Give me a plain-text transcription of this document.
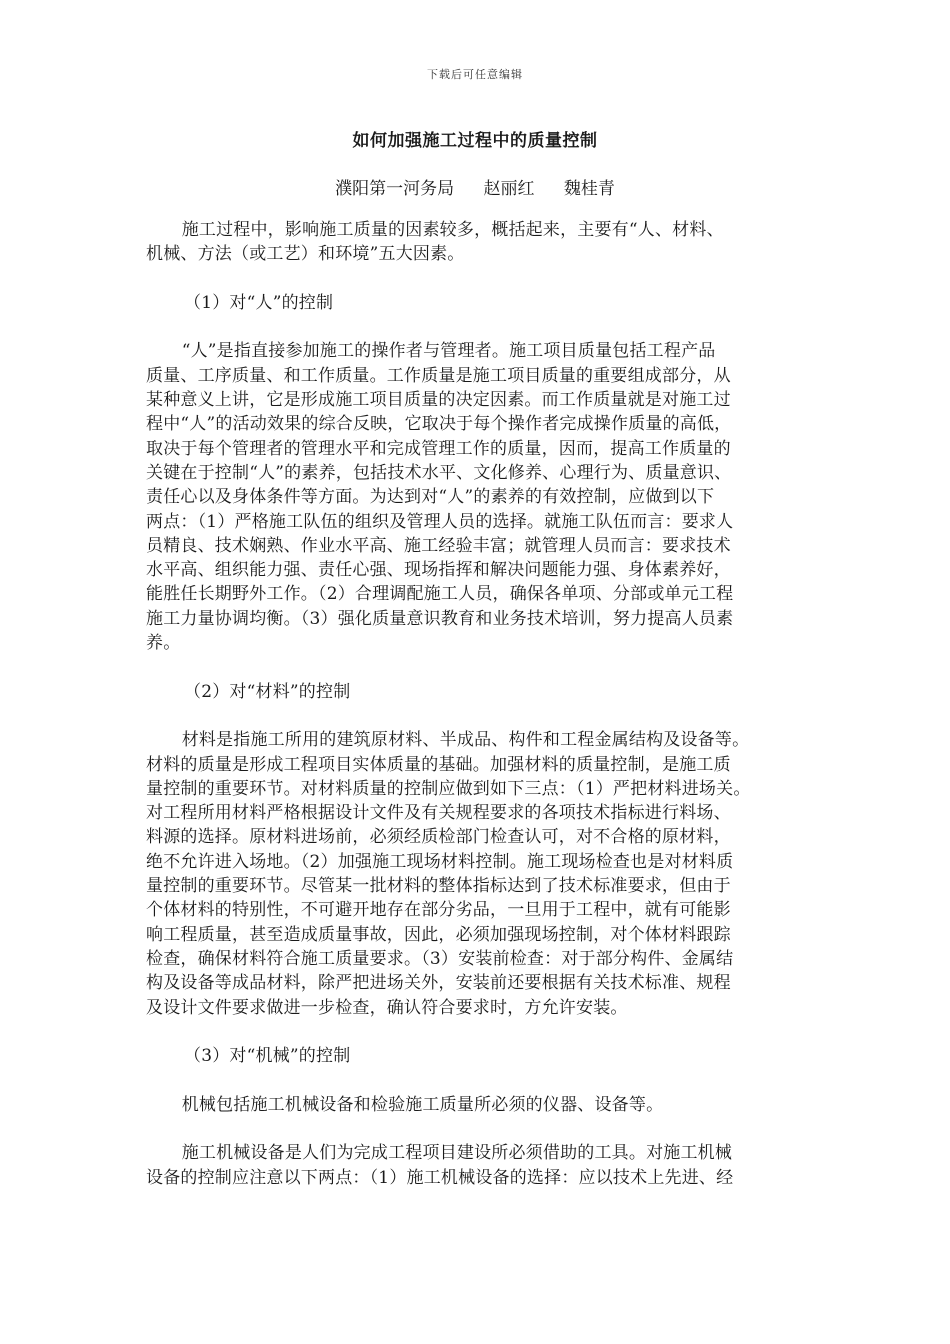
下载后可任意编辑
如何加强施工过程中的质量控制
濮阳第一河务局 赵丽红 魏桂青

施工过程中，影响施工质量的因素较多，概括起来，主要有“人、材料、
机械、方法（或工艺）和环境”五大因素。

（1）对“人”的控制

“人”是指直接参加施工的操作者与管理者。施工项目质量包括工程产品
质量、工序质量、和工作质量。工作质量是施工项目质量的重要组成部分，从
某种意义上讲，它是形成施工项目质量的决定因素。而工作质量就是对施工过
程中“人”的活动效果的综合反映，它取决于每个操作者完成操作质量的高低，
取决于每个管理者的管理水平和完成管理工作的质量，因而，提高工作质量的
关键在于控制“人”的素养，包括技术水平、文化修养、心理行为、质量意识、
责任心以及身体条件等方面。为达到对“人”的素养的有效控制，应做到以下
两点：（1）严格施工队伍的组织及管理人员的选择。就施工队伍而言：要求人
员精良、技术娴熟、作业水平高、施工经验丰富；就管理人员而言：要求技术
水平高、组织能力强、责任心强、现场指挥和解决问题能力强、身体素养好，
能胜任长期野外工作。（2）合理调配施工人员，确保各单项、分部或单元工程
施工力量协调均衡。（3）强化质量意识教育和业务技术培训，努力提高人员素
养。

（2）对“材料”的控制

材料是指施工所用的建筑原材料、半成品、构件和工程金属结构及设备等。
材料的质量是形成工程项目实体质量的基础。加强材料的质量控制，是施工质
量控制的重要环节。对材料质量的控制应做到如下三点：（1）严把材料进场关。
对工程所用材料严格根据设计文件及有关规程要求的各项技术指标进行料场、
料源的选择。原材料进场前，必须经质检部门检查认可，对不合格的原材料，
绝不允许进入场地。（2）加强施工现场材料控制。施工现场检查也是对材料质
量控制的重要环节。尽管某一批材料的整体指标达到了技术标准要求，但由于
个体材料的特别性，不可避开地存在部分劣品，一旦用于工程中，就有可能影
响工程质量，甚至造成质量事故，因此，必须加强现场控制，对个体材料跟踪
检查，确保材料符合施工质量要求。（3）安装前检查：对于部分构件、金属结
构及设备等成品材料，除严把进场关外，安装前还要根据有关技术标准、规程
及设计文件要求做进一步检查，确认符合要求时，方允许安装。

（3）对“机械”的控制

机械包括施工机械设备和检验施工质量所必须的仪器、设备等。

施工机械设备是人们为完成工程项目建设所必须借助的工具。对施工机械
设备的控制应注意以下两点：（1）施工机械设备的选择：应以技术上先进、经
